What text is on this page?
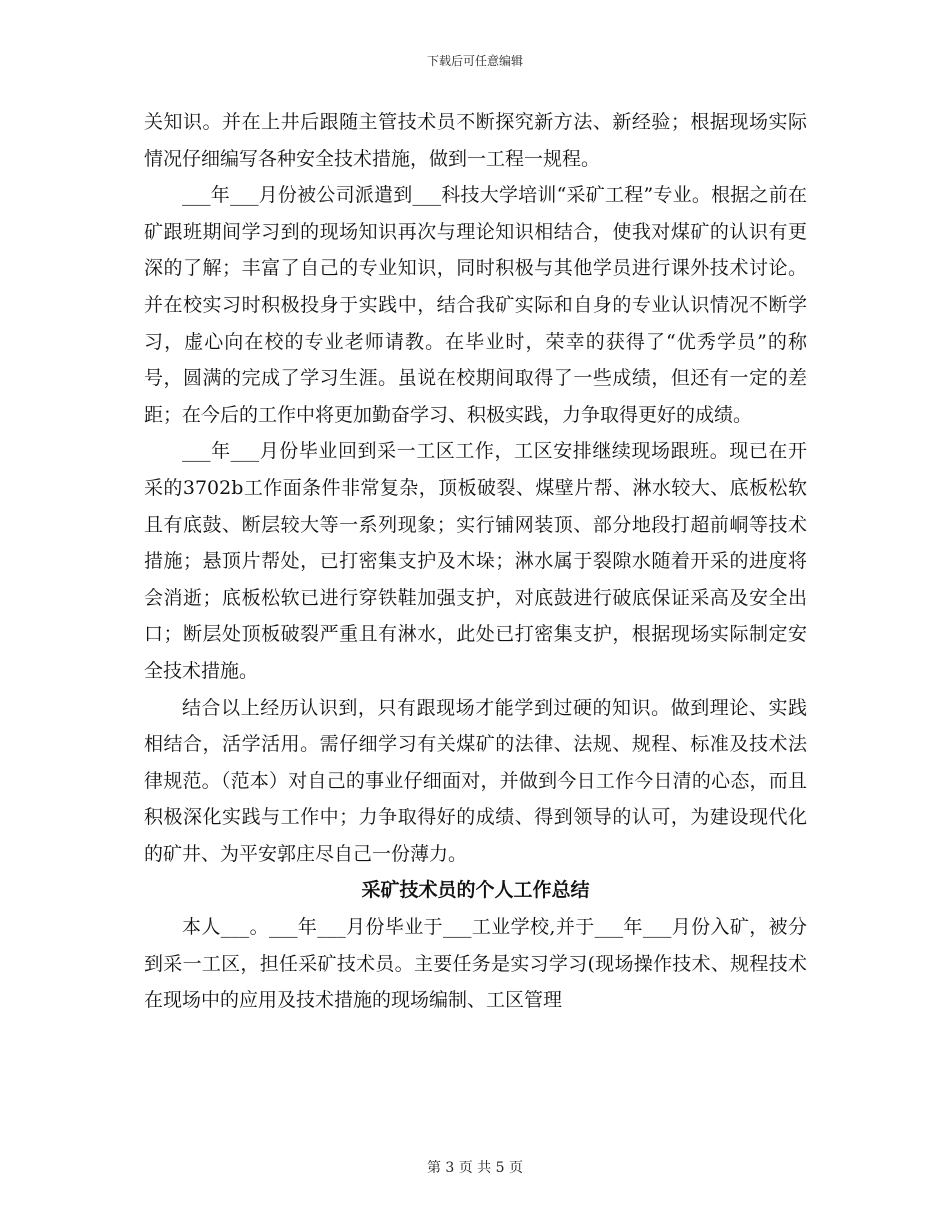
下载后可任意编辑

关知识。并在上井后跟随主管技术员不断探究新方法、新经验；根据现场实际情况仔细编写各种安全技术措施，做到一工程一规程。

___年___月份被公司派遣到___科技大学培训“采矿工程”专业。根据之前在矿跟班期间学习到的现场知识再次与理论知识相结合，使我对煤矿的认识有更深的了解；丰富了自己的专业知识，同时积极与其他学员进行课外技术讨论。并在校实习时积极投身于实践中，结合我矿实际和自身的专业认识情况不断学习，虚心向在校的专业老师请教。在毕业时，荣幸的获得了“优秀学员”的称号，圆满的完成了学习生涯。虽说在校期间取得了一些成绩，但还有一定的差距；在今后的工作中将更加勤奋学习、积极实践，力争取得更好的成绩。

___年___月份毕业回到采一工区工作，工区安排继续现场跟班。现已在开采的3702b工作面条件非常复杂，顶板破裂、煤壁片帮、淋水较大、底板松软且有底鼓、断层较大等一系列现象；实行铺网装顶、部分地段打超前峒等技术措施；悬顶片帮处，已打密集支护及木垛；淋水属于裂隙水随着开采的进度将会消逝；底板松软已进行穿铁鞋加强支护，对底鼓进行破底保证采高及安全出口；断层处顶板破裂严重且有淋水，此处已打密集支护，根据现场实际制定安全技术措施。

结合以上经历认识到，只有跟现场才能学到过硬的知识。做到理论、实践相结合，活学活用。需仔细学习有关煤矿的法律、法规、规程、标准及技术法律规范。（范本）对自己的事业仔细面对，并做到今日工作今日清的心态，而且积极深化实践与工作中；力争取得好的成绩、得到领导的认可，为建设现代化的矿井、为平安郭庄尽自己一份薄力。

采矿技术员的个人工作总结

本人___。___年___月份毕业于___工业学校,并于___年___月份入矿，被分到采一工区，担任采矿技术员。主要任务是实习学习(现场操作技术、规程技术在现场中的应用及技术措施的现场编制、工区管理

第 3 页 共 5 页
